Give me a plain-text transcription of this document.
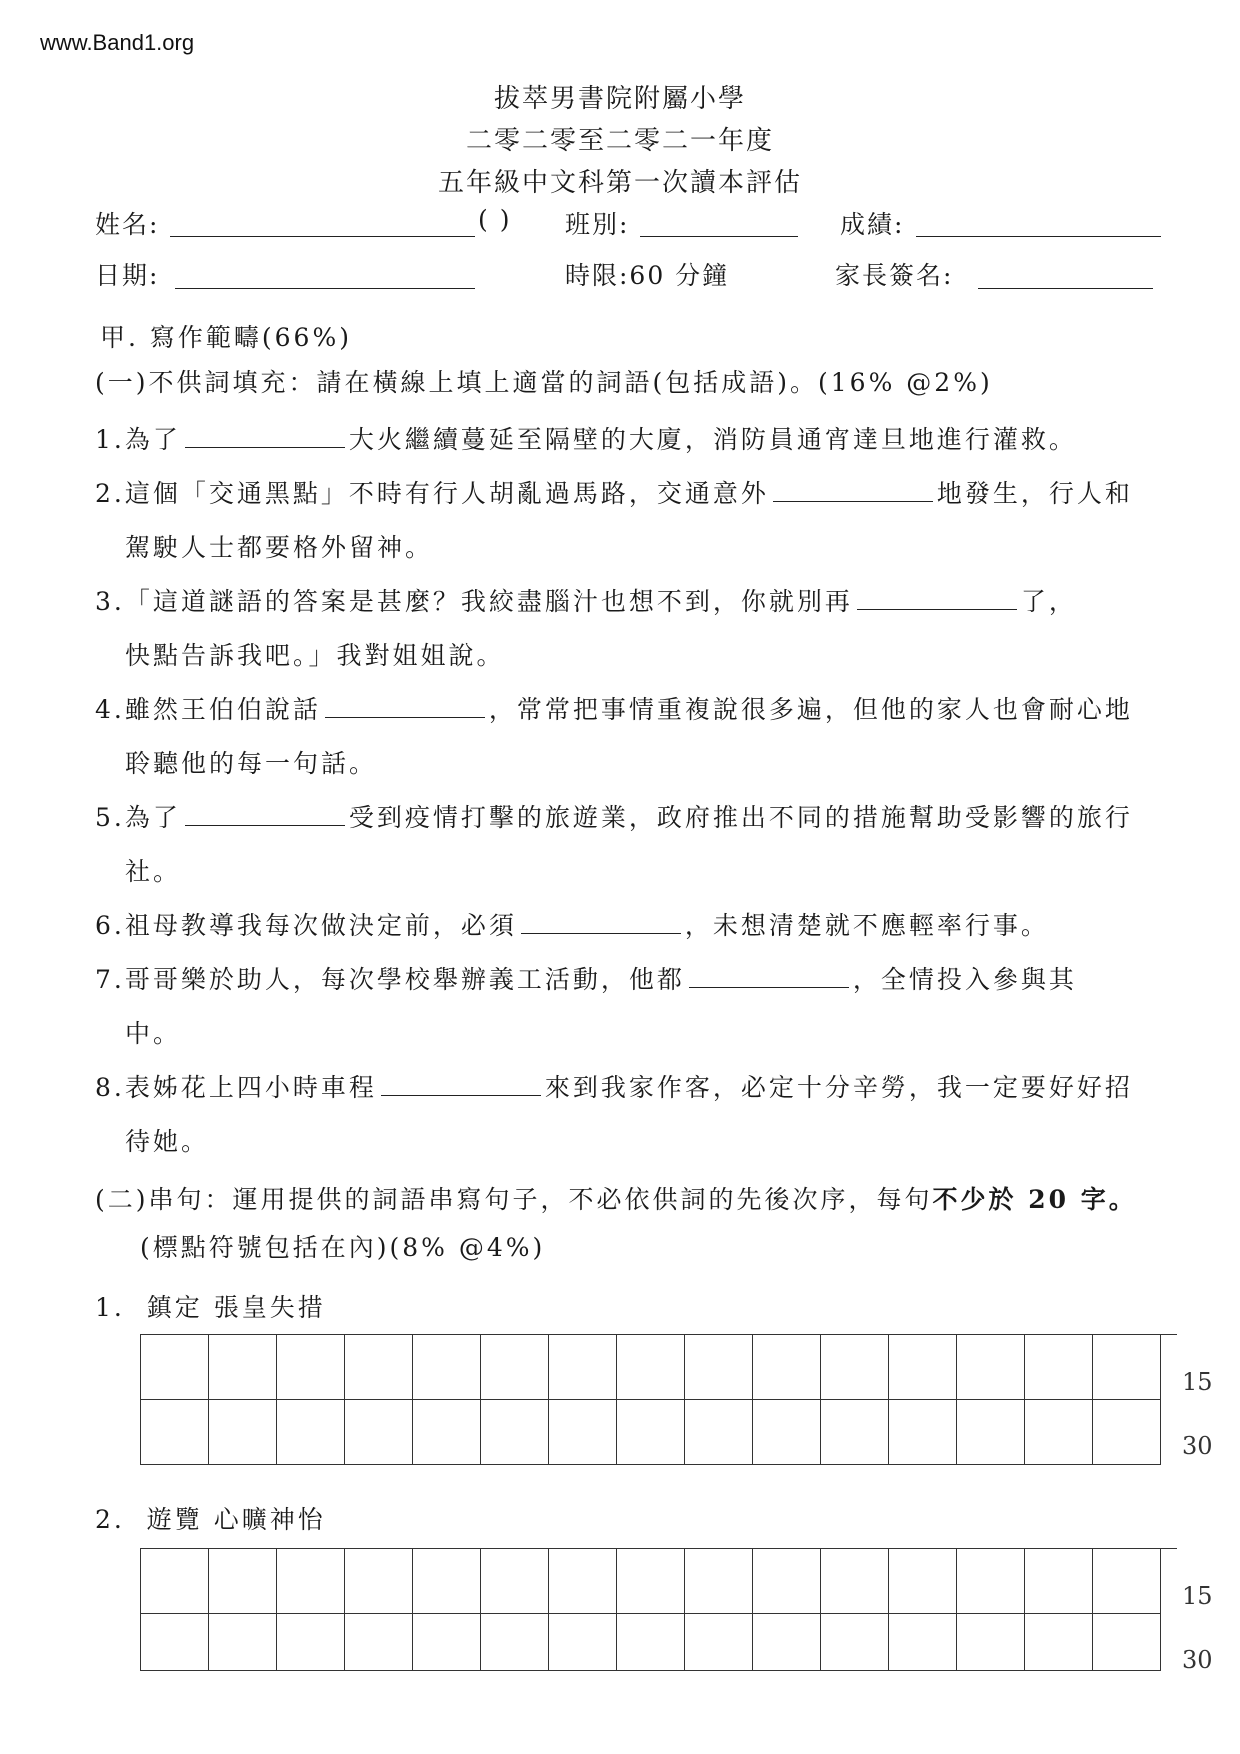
www.Band1.org
拔萃男書院附屬小學
二零二零至二零二一年度
五年級中文科第一次讀本評估
姓名:	( ) 班別:	成績:
日期:	時限:60 分鐘	家長簽名:
甲. 寫作範疇(66%)
(一)不供詞填充：請在橫線上填上適當的詞語(包括成語)。(16% @2%)
1.為了	大火繼續蔓延至隔壁的大廈，消防員通宵達旦地進行灌救。
2.這個「交通黑點」不時有行人胡亂過馬路，交通意外	地發生，行人和
駕駛人士都要格外留神。
3.「這道謎語的答案是甚麼？我絞盡腦汁也想不到，你就別再	了，
快點告訴我吧。」我對姐姐說。
4.雖然王伯伯說話	，常常把事情重複說很多遍，但他的家人也會耐心地
聆聽他的每一句話。
5.為了	受到疫情打擊的旅遊業，政府推出不同的措施幫助受影響的旅行
社。
6.祖母教導我每次做決定前，必須	，未想清楚就不應輕率行事。
7.哥哥樂於助人，每次學校舉辦義工活動，他都	，全情投入參與其
中。
8.表姊花上四小時車程	來到我家作客，必定十分辛勞，我一定要好好招
待她。
(二)串句：運用提供的詞語串寫句子，不必依供詞的先後次序，每句不少於 20 字。
(標點符號包括在內)(8% @4%)
1. 鎮定 張皇失措
15
30
2. 遊覽 心曠神怡
15
30
